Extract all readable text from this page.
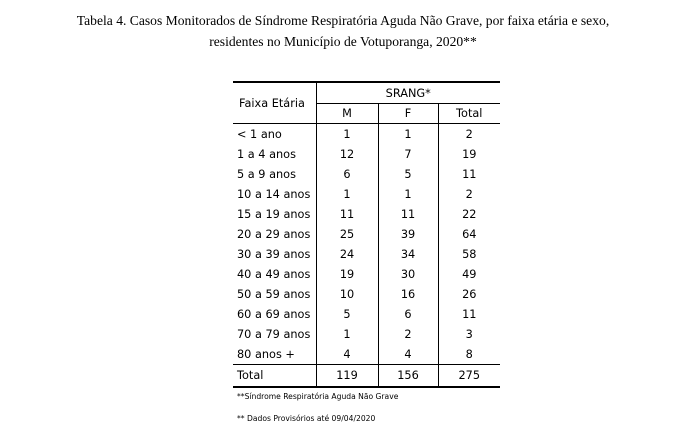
Tabela 4. Casos Monitorados de Síndrome Respiratória Aguda Não Grave, por faixa etária e sexo,
residentes no Município de Votuporanga, 2020**
Faixa Etária	SRANG*		
	M	F	Total
< 1 ano	1	1	2
1 a 4 anos	12	7	19
5 a 9 anos	6	5	11
10 a 14 anos	1	1	2
15 a 19 anos	11	11	22
20 a 29 anos	25	39	64
30 a 39 anos	24	34	58
40 a 49 anos	19	30	49
50 a 59 anos	10	16	26
60 a 69 anos	5	6	11
70 a 79 anos	1	2	3
80 anos +	4	4	8
Total	119	156	275
**Síndrome Respiratória Aguda Não Grave
** Dados Provisórios até 09/04/2020
